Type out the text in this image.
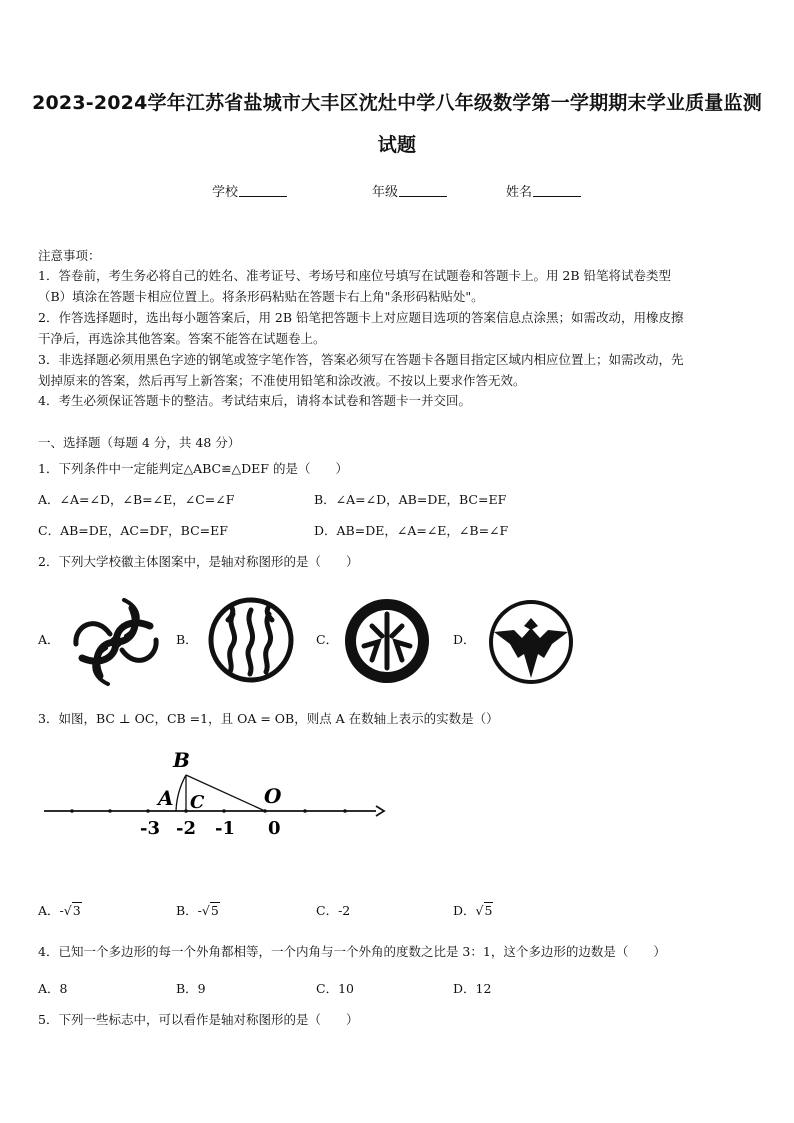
2023-2024学年江苏省盐城市大丰区沈灶中学八年级数学第一学期期末学业质量监测
试题
学校	年级	姓名
注意事项：
1．答卷前，考生务必将自己的姓名、准考证号、考场号和座位号填写在试题卷和答题卡上。用 2B 铅笔将试卷类型
（B）填涂在答题卡相应位置上。将条形码粘贴在答题卡右上角"条形码粘贴处"。
2．作答选择题时，选出每小题答案后，用 2B 铅笔把答题卡上对应题目选项的答案信息点涂黑；如需改动，用橡皮擦
干净后，再选涂其他答案。答案不能答在试题卷上。
3．非选择题必须用黑色字迹的钢笔或签字笔作答，答案必须写在答题卡各题目指定区域内相应位置上；如需改动，先
划掉原来的答案，然后再写上新答案；不准使用铅笔和涂改液。不按以上要求作答无效。
4．考生必须保证答题卡的整洁。考试结束后，请将本试卷和答题卡一并交回。
一、选择题（每题 4 分，共 48 分）
1．下列条件中一定能判定△ABC≌△DEF 的是（　　）
A．∠A=∠D，∠B=∠E，∠C=∠F	B．∠A=∠D，AB=DE，BC=EF
C．AB=DE，AC=DF，BC=EF	D．AB=DE，∠A=∠E，∠B=∠F
2．下列大学校徽主体图案中，是轴对称图形的是（　　）
A．	B．	C．	D．
3．如图，BC ⊥ OC，CB =1，且 OA = OB，则点 A 在数轴上表示的实数是（）
B
A C	O
-3 -2 -1 0
A．-√3	B．-√5	C．-2	D．√5
4．已知一个多边形的每一个外角都相等，一个内角与一个外角的度数之比是 3：1，这个多边形的边数是（　　）
A．8	B．9	C．10	D．12
5．下列一些标志中，可以看作是轴对称图形的是（　　）
